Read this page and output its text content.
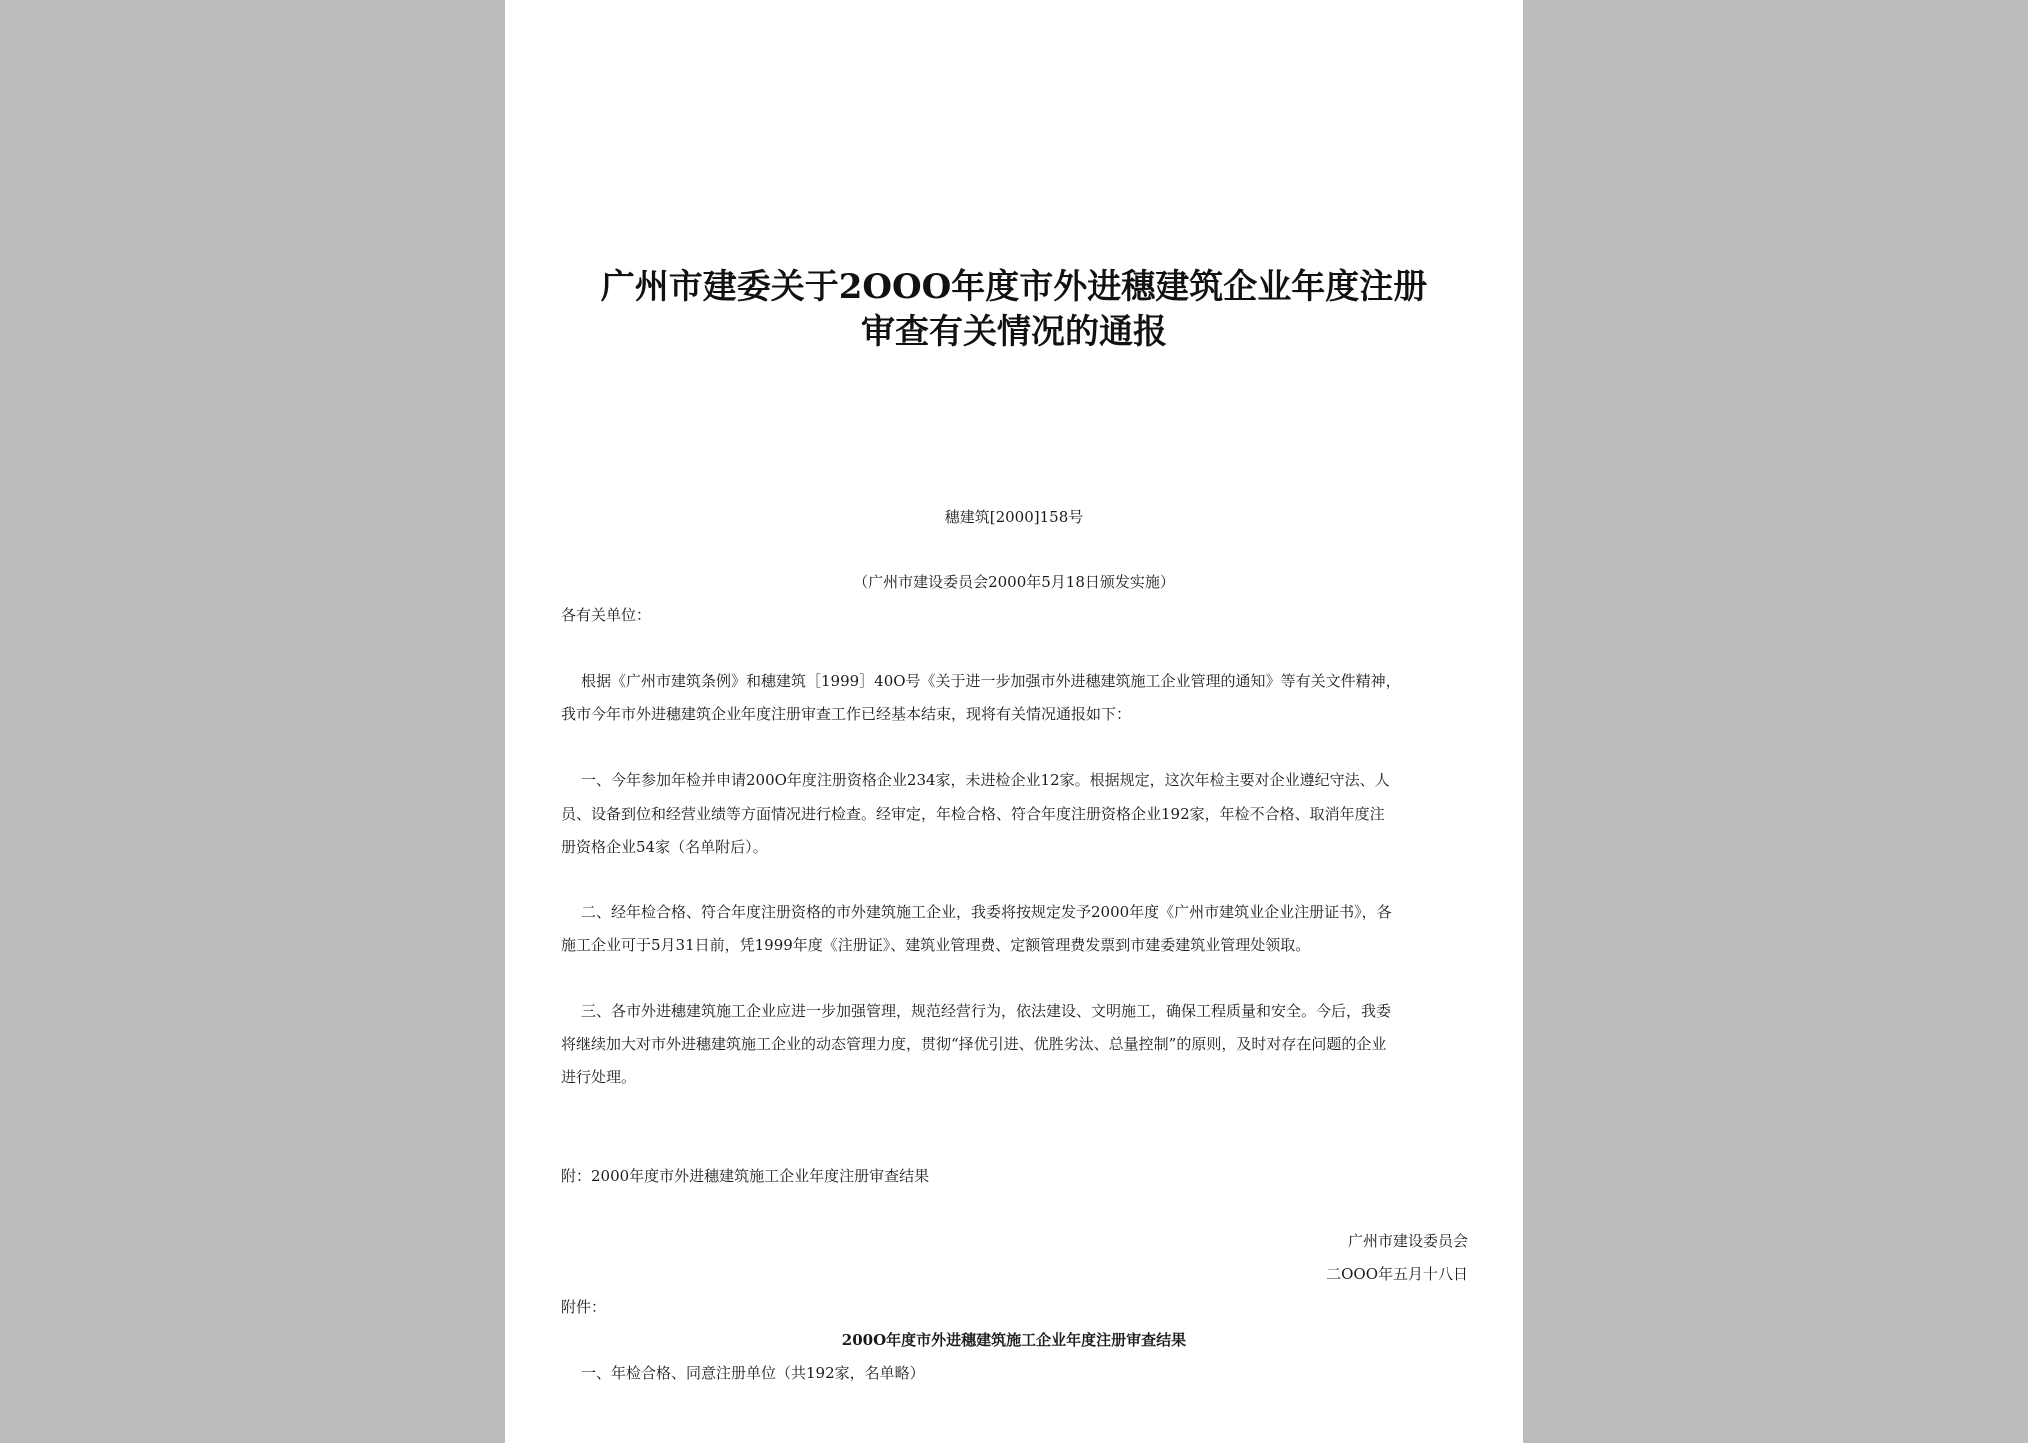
广州市建委关于2OOO年度市外进穗建筑企业年度注册
审查有关情况的通报
穗建筑[2000]158号
（广州市建设委员会2000年5月18日颁发实施）
各有关单位：
根据《广州市建筑条例》和穗建筑［1999］40O号《关于进一步加强市外进穗建筑施工企业管理的通知》等有关文件精神，
我市今年市外进穗建筑企业年度注册审查工作已经基本结束，现将有关情况通报如下：
一、今年参加年检并申请200O年度注册资格企业234家，未进检企业12家。根据规定，这次年检主要对企业遵纪守法、人
员、设备到位和经营业绩等方面情况进行检查。经审定，年检合格、符合年度注册资格企业192家，年检不合格、取消年度注
册资格企业54家（名单附后）。
二、经年检合格、符合年度注册资格的市外建筑施工企业，我委将按规定发予2000年度《广州市建筑业企业注册证书》，各
施工企业可于5月31日前，凭1999年度《注册证》、建筑业管理费、定额管理费发票到市建委建筑业管理处领取。
三、各市外进穗建筑施工企业应进一步加强管理，规范经营行为，依法建设、文明施工，确保工程质量和安全。今后，我委
将继续加大对市外进穗建筑施工企业的动态管理力度，贯彻“择优引进、优胜劣汰、总量控制”的原则，及时对存在问题的企业
进行处理。
附：2000年度市外进穗建筑施工企业年度注册审查结果
广州市建设委员会
二OOO年五月十八日
附件：
200O年度市外进穗建筑施工企业年度注册审查结果
一、年检合格、同意注册单位（共192家，名单略）
